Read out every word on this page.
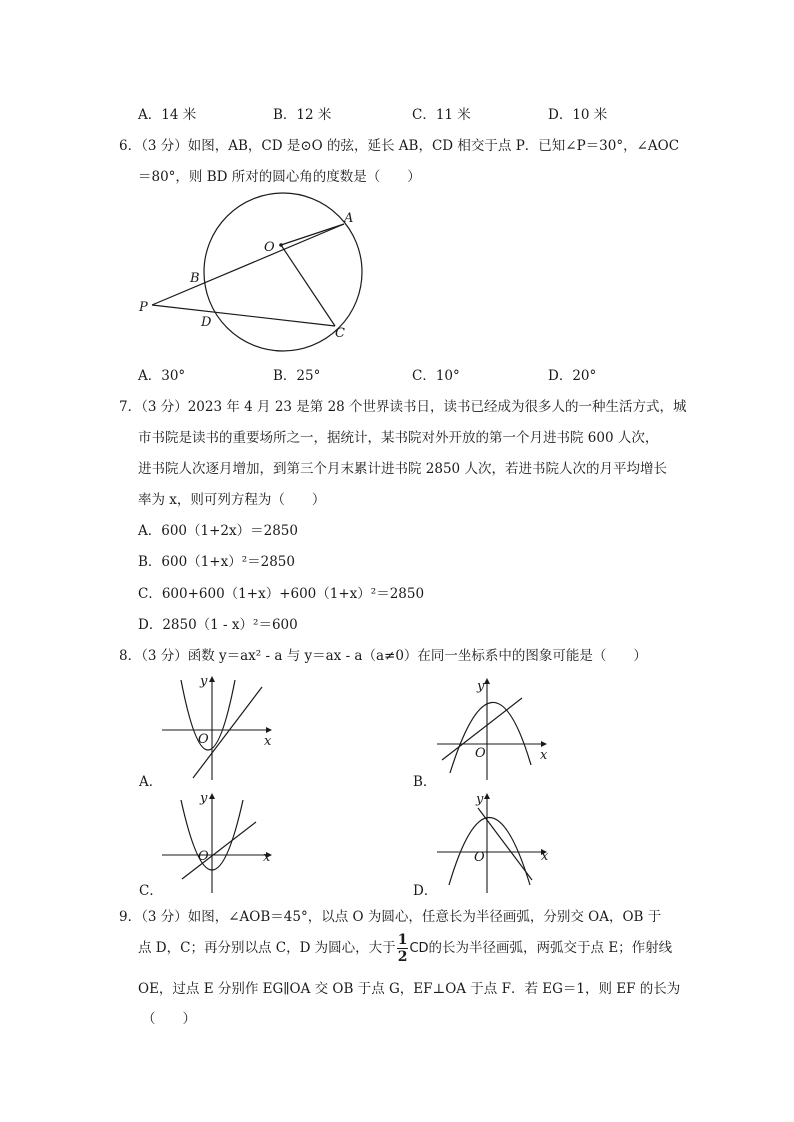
A．14 米	B．12 米	C．11 米	D．10 米
6．（3 分）如图，AB，CD 是⊙O 的弦，延长 AB，CD 相交于点 P．已知∠P＝30°，∠AOC
＝80°，则 BD 所对的圆心角的度数是（　　）
A
B
O
P
D
C
A．30°	B．25°	C．10°	D．20°
7．（3 分）2023 年 4 月 23 是第 28 个世界读书日，读书已经成为很多人的一种生活方式，城
市书院是读书的重要场所之一，据统计，某书院对外开放的第一个月进书院 600 人次，
进书院人次逐月增加，到第三个月末累计进书院 2850 人次，若进书院人次的月平均增长
率为 x，则可列方程为（　　）
A．600（1+2x）＝2850
B．600（1+x）²＝2850
C．600+600（1+x）+600（1+x）²＝2850
D．2850（1 - x）²＝600
8．（3 分）函数 y＝ax² - a 与 y＝ax - a（a≠0）在同一坐标系中的图象可能是（　　）
y
x
O
A．
y
x
O
B．
y
x
O
C．
y
x
O
D．
9．（3 分）如图，∠AOB＝45°，以点 O 为圆心，任意长为半径画弧，分别交 OA，OB 于
点 D，C；再分别以点 C，D 为圆心，大于 $\frac{1}{2}$ CD的长为半径画弧，两弧交于点 E；作射线
OE，过点 E 分别作 EG∥OA 交 OB 于点 G，EF⊥OA 于点 F．若 EG＝1，则 EF 的长为
（　　）
